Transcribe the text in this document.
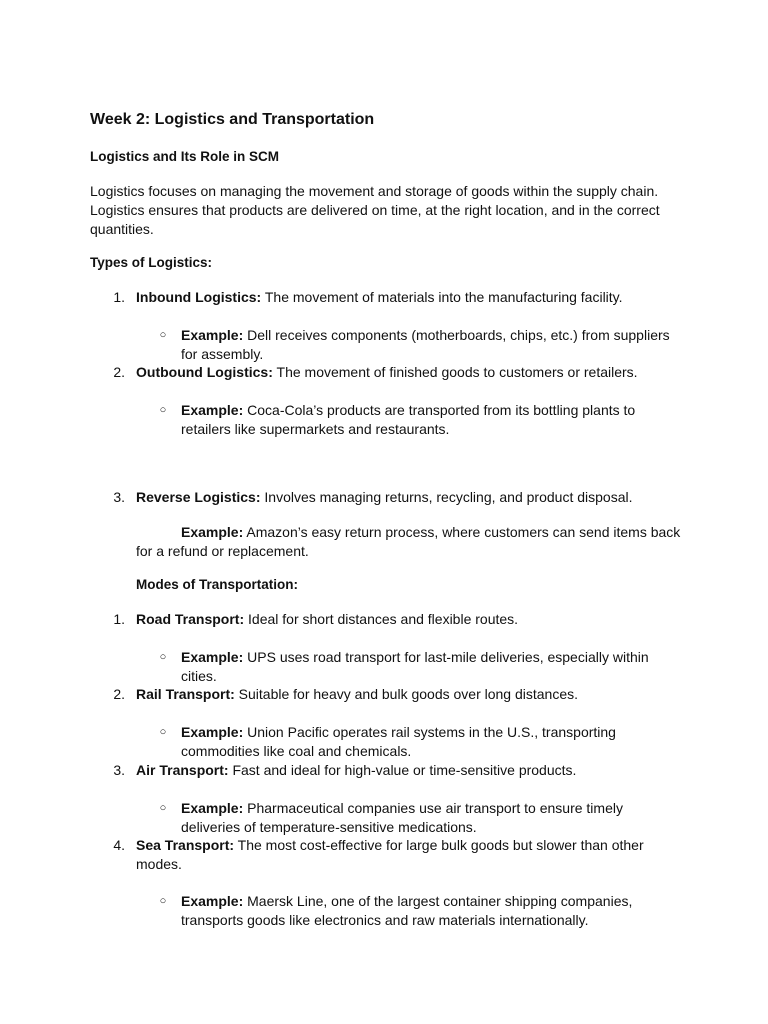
Week 2: Logistics and Transportation
Logistics and Its Role in SCM
Logistics focuses on managing the movement and storage of goods within the supply chain.
Logistics ensures that products are delivered on time, at the right location, and in the correct
quantities.
Types of Logistics:
1. Inbound Logistics: The movement of materials into the manufacturing facility.
○ Example: Dell receives components (motherboards, chips, etc.) from suppliers for assembly.
2. Outbound Logistics: The movement of finished goods to customers or retailers.
○ Example: Coca-Cola’s products are transported from its bottling plants to retailers like supermarkets and restaurants.
3. Reverse Logistics: Involves managing returns, recycling, and product disposal.
Example: Amazon’s easy return process, where customers can send items back
for a refund or replacement.
Modes of Transportation:
1. Road Transport: Ideal for short distances and flexible routes.
○ Example: UPS uses road transport for last-mile deliveries, especially within cities.
2. Rail Transport: Suitable for heavy and bulk goods over long distances.
○ Example: Union Pacific operates rail systems in the U.S., transporting commodities like coal and chemicals.
3. Air Transport: Fast and ideal for high-value or time-sensitive products.
○ Example: Pharmaceutical companies use air transport to ensure timely deliveries of temperature-sensitive medications.
4. Sea Transport: The most cost-effective for large bulk goods but slower than other modes.
○ Example: Maersk Line, one of the largest container shipping companies, transports goods like electronics and raw materials internationally.
